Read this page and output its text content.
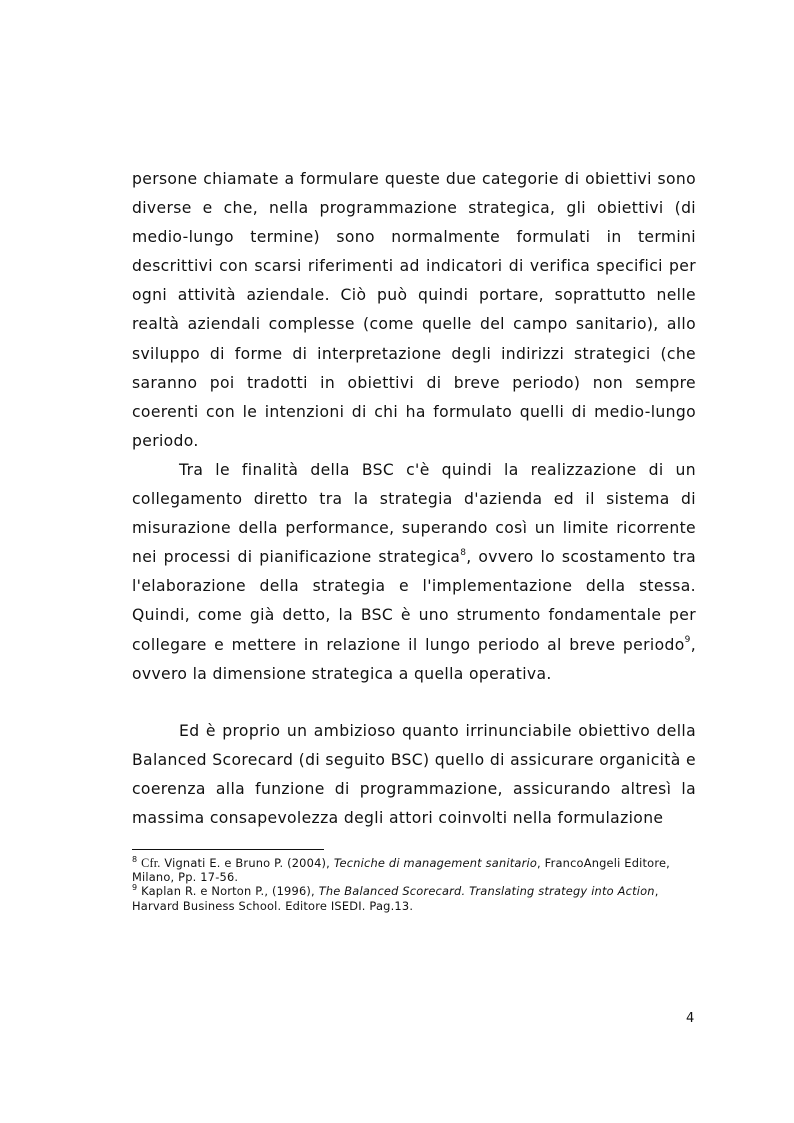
persone chiamate a formulare queste due categorie di obiettivi sono diverse e che, nella programmazione strategica, gli obiettivi (di medio-lungo termine) sono normalmente formulati in termini descrittivi con scarsi riferimenti ad indicatori di verifica specifici per ogni attività aziendale. Ciò può quindi portare, soprattutto nelle realtà aziendali complesse (come quelle del campo sanitario), allo sviluppo di forme di interpretazione degli indirizzi strategici (che saranno poi tradotti in obiettivi di breve periodo) non sempre coerenti con le intenzioni di chi ha formulato quelli di medio-lungo periodo.

Tra le finalità della BSC c'è quindi la realizzazione di un collegamento diretto tra la strategia d'azienda ed il sistema di misurazione della performance, superando così un limite ricorrente nei processi di pianificazione strategica$^8$, ovvero lo scostamento tra l'elaborazione della strategia e l'implementazione della stessa. Quindi, come già detto, la BSC è uno strumento fondamentale per collegare e mettere in relazione il lungo periodo al breve periodo$^9$, ovvero la dimensione strategica a quella operativa.

Ed è proprio un ambizioso quanto irrinunciabile obiettivo della Balanced Scorecard (di seguito BSC) quello di assicurare organicità e coerenza alla funzione di programmazione, assicurando altresì la massima consapevolezza degli attori coinvolti nella formulazione

$^8$ Cfr. Vignati E. e Bruno P. (2004), Tecniche di management sanitario, FrancoAngeli Editore, Milano, Pp. 17-56.

$^9$ Kaplan R. e Norton P., (1996), The Balanced Scorecard. Translating strategy into Action, Harvard Business School. Editore ISEDI. Pag.13.

4
